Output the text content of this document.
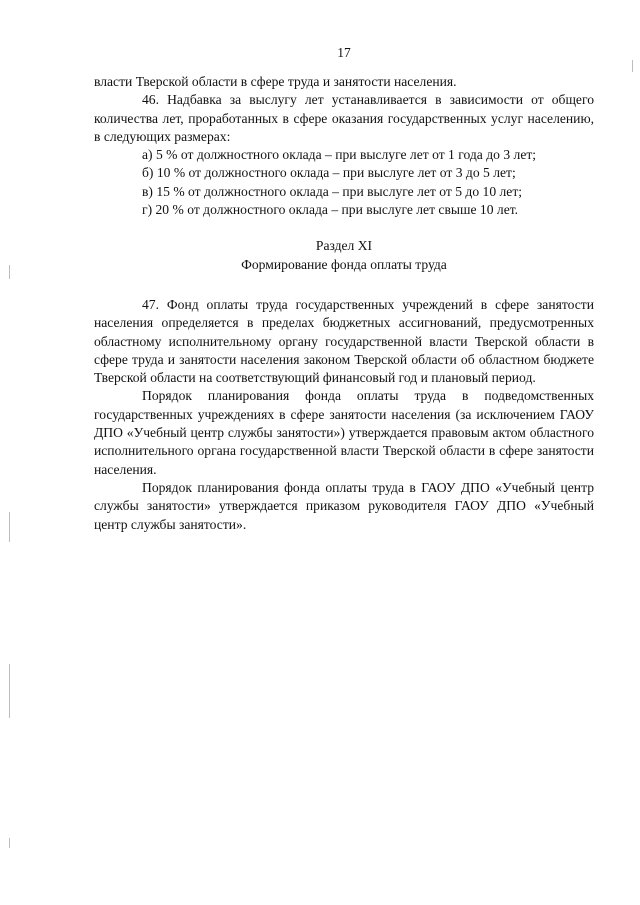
17

власти Тверской области в сфере труда и занятости населения.

46. Надбавка за выслугу лет устанавливается в зависимости от общего количества лет, проработанных в сфере оказания государственных услуг населению, в следующих размерах:

а) 5 % от должностного оклада – при выслуге лет от 1 года до 3 лет;

б) 10 % от должностного оклада – при выслуге лет от 3 до 5 лет;

в) 15 % от должностного оклада – при выслуге лет от 5 до 10 лет;

г) 20 % от должностного оклада – при выслуге лет свыше 10 лет.

Раздел XI

Формирование фонда оплаты труда

47. Фонд оплаты труда государственных учреждений в сфере занятости населения определяется в пределах бюджетных ассигнований, предусмотренных областному исполнительному органу государственной власти Тверской области в сфере труда и занятости населения законом Тверской области об областном бюджете Тверской области на соответствующий финансовый год и плановый период.

Порядок планирования фонда оплаты труда в подведомственных государственных учреждениях в сфере занятости населения (за исключением ГАОУ ДПО «Учебный центр службы занятости») утверждается правовым актом областного исполнительного органа государственной власти Тверской области в сфере занятости населения.

Порядок планирования фонда оплаты труда в ГАОУ ДПО «Учебный центр службы занятости» утверждается приказом руководителя ГАОУ ДПО «Учебный центр службы занятости».
